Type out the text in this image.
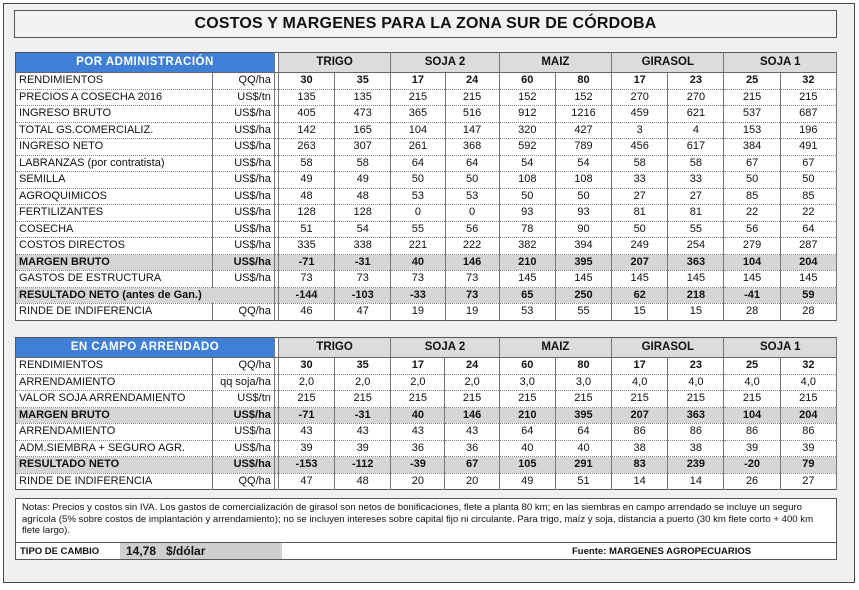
COSTOS Y MARGENES PARA LA ZONA SUR DE CÓRDOBA
POR ADMINISTRACIÓN			TRIGO		SOJA 2		MAIZ		GIRASOL		SOJA 1	
RENDIMIENTOS	QQ/ha		30	35	17	24	60	80	17	23	25	32
PRECIOS A COSECHA 2016	US$/tn		135	135	215	215	152	152	270	270	215	215
INGRESO BRUTO	US$/ha		405	473	365	516	912	1216	459	621	537	687
TOTAL GS.COMERCIALIZ.	US$/ha		142	165	104	147	320	427	3	4	153	196
INGRESO NETO	US$/ha		263	307	261	368	592	789	456	617	384	491
LABRANZAS (por contratista)	US$/ha		58	58	64	64	54	54	58	58	67	67
SEMILLA	US$/ha		49	49	50	50	108	108	33	33	50	50
AGROQUIMICOS	US$/ha		48	48	53	53	50	50	27	27	85	85
FERTILIZANTES	US$/ha		128	128	0	0	93	93	81	81	22	22
COSECHA	US$/ha		51	54	55	56	78	90	50	55	56	64
COSTOS DIRECTOS	US$/ha		335	338	221	222	382	394	249	254	279	287
MARGEN BRUTO	US$/ha		-71	-31	40	146	210	395	207	363	104	204
GASTOS DE ESTRUCTURA	US$/ha		73	73	73	73	145	145	145	145	145	145
RESULTADO NETO (antes de Gan.)			-144	-103	-33	73	65	250	62	218	-41	59
RINDE DE INDIFERENCIA	QQ/ha		46	47	19	19	53	55	15	15	28	28
EN CAMPO ARRENDADO			TRIGO		SOJA 2		MAIZ		GIRASOL		SOJA 1	
RENDIMIENTOS	QQ/ha		30	35	17	24	60	80	17	23	25	32
ARRENDAMIENTO	qq soja/ha		2,0	2,0	2,0	2,0	3,0	3,0	4,0	4,0	4,0	4,0
VALOR SOJA ARRENDAMIENTO	US$/tn		215	215	215	215	215	215	215	215	215	215
MARGEN BRUTO	US$/ha		-71	-31	40	146	210	395	207	363	104	204
ARRENDAMIENTO	US$/ha		43	43	43	43	64	64	86	86	86	86
ADM.SIEMBRA + SEGURO AGR.	US$/ha		39	39	36	36	40	40	38	38	39	39
RESULTADO NETO	US$/ha		-153	-112	-39	67	105	291	83	239	-20	79
RINDE DE INDIFERENCIA	QQ/ha		47	48	20	20	49	51	14	14	26	27
Notas: Precios y costos sin IVA. Los gastos de comercialización de girasol son netos de bonificaciones, flete a planta 80 km; en las siembras en campo arrendado se incluye un seguro agrícola (5% sobre costos de implantación y arrendamiento); no se incluyen intereses sobre capital fijo ni circulante. Para trigo, maíz y soja, distancia a puerto (30 km flete corto + 400 km flete largo).
TIPO DE CAMBIO	14,78 $/dólar	Fuente: MARGENES AGROPECUARIOS
